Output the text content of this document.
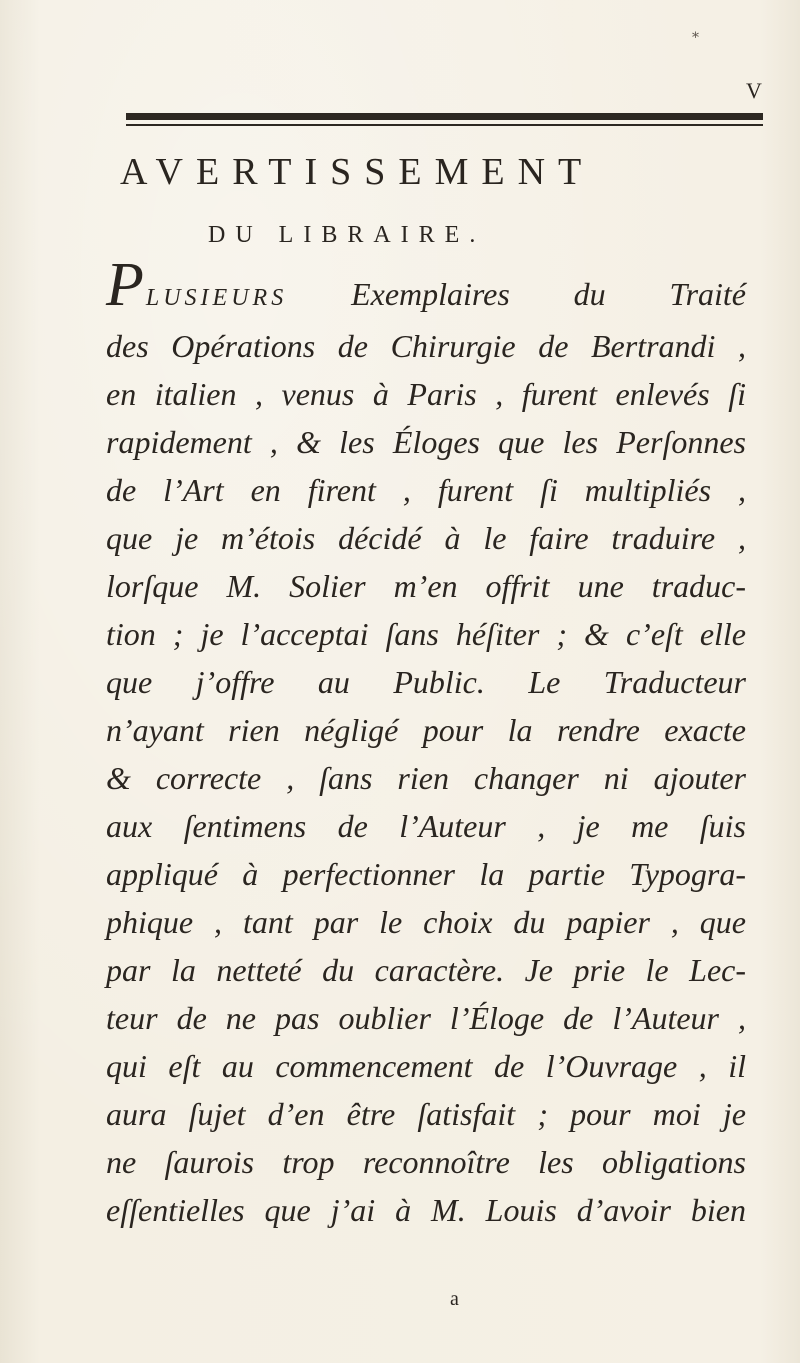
*
V
AVERTISSEMENT
DU LIBRAIRE.
PLUSIEURS Exemplaires du Traité
des Opérations de Chirurgie de Bertrandi ,
en italien , venus à Paris , furent enlevés ſi
rapidement , & les Éloges que les Perſonnes
de l’Art en firent , furent ſi multipliés ,
que je m’étois décidé à le faire traduire ,
lorſque M. Solier m’en offrit une traduc-
tion ; je l’acceptai ſans héſiter ; & c’eſt elle
que j’offre au Public. Le Traducteur
n’ayant rien négligé pour la rendre exacte
& correcte , ſans rien changer ni ajouter
aux ſentimens de l’Auteur , je me ſuis
appliqué à perfectionner la partie Typogra-
phique , tant par le choix du papier , que
par la netteté du caractère. Je prie le Lec-
teur de ne pas oublier l’Éloge de l’Auteur ,
qui eſt au commencement de l’Ouvrage , il
aura ſujet d’en être ſatisfait ; pour moi je
ne ſaurois trop reconnoître les obligations
eſſentielles que j’ai à M. Louis d’avoir bien
a
